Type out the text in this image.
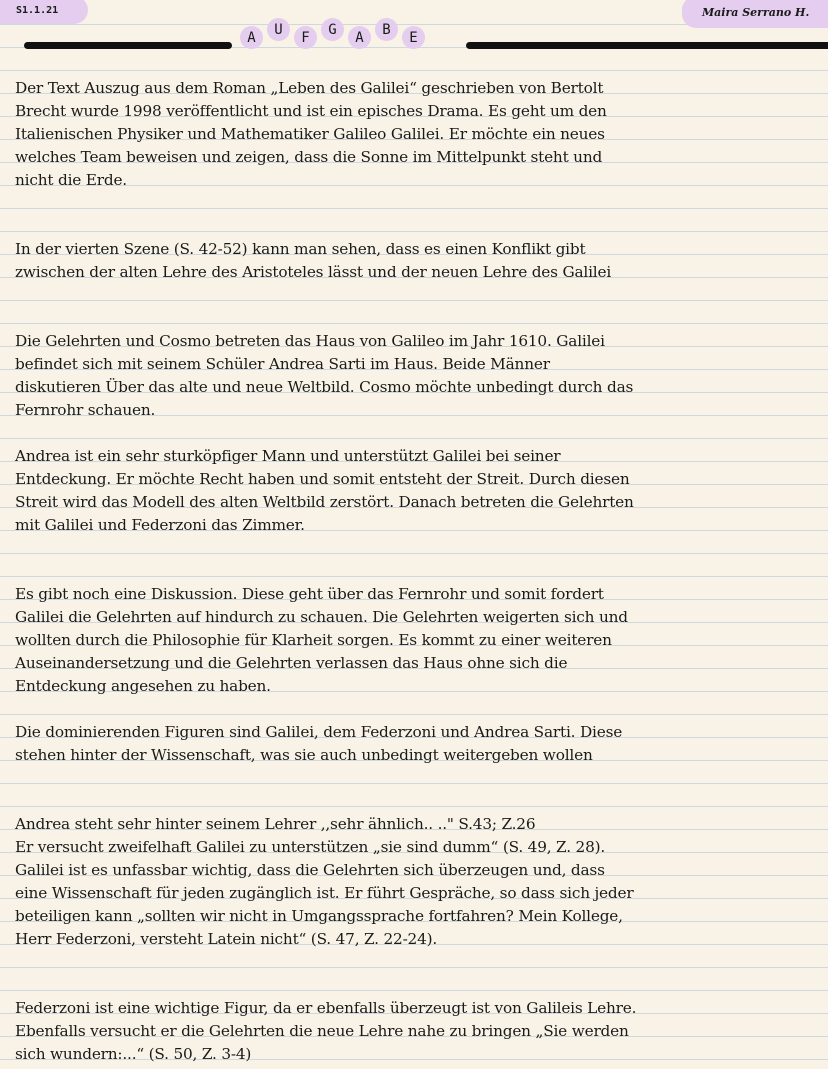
S1.1.21	Maira Serrano H.
A	U	F	G	A	B	E

Der Text Auszug aus dem Roman „Leben des Galilei“ geschrieben von Bertolt
Brecht wurde 1998 veröffentlicht und ist ein episches Drama. Es geht um den
Italienischen Physiker und Mathematiker Galileo Galilei. Er möchte ein neues
welches Team beweisen und zeigen, dass die Sonne im Mittelpunkt steht und
nicht die Erde.

In der vierten Szene (S. 42-52) kann man sehen, dass es einen Konflikt gibt
zwischen der alten Lehre des Aristoteles lässt und der neuen Lehre des Galilei

Die Gelehrten und Cosmo betreten das Haus von Galileo im Jahr 1610. Galilei
befindet sich mit seinem Schüler Andrea Sarti im Haus. Beide Männer
diskutieren Über das alte und neue Weltbild. Cosmo möchte unbedingt durch das
Fernrohr schauen.

Andrea ist ein sehr sturköpfiger Mann und unterstützt Galilei bei seiner
Entdeckung. Er möchte Recht haben und somit entsteht der Streit. Durch diesen
Streit wird das Modell des alten Weltbild zerstört. Danach betreten die Gelehrten
mit Galilei und Federzoni das Zimmer.

Es gibt noch eine Diskussion. Diese geht über das Fernrohr und somit fordert
Galilei die Gelehrten auf hindurch zu schauen. Die Gelehrten weigerten sich und
wollten durch die Philosophie für Klarheit sorgen. Es kommt zu einer weiteren
Auseinandersetzung und die Gelehrten verlassen das Haus ohne sich die
Entdeckung angesehen zu haben.

Die dominierenden Figuren sind Galilei, dem Federzoni und Andrea Sarti. Diese
stehen hinter der Wissenschaft, was sie auch unbedingt weitergeben wollen

Andrea steht sehr hinter seinem Lehrer ,,sehr ähnlich.. .." S.43; Z.26
Er versucht zweifelhaft Galilei zu unterstützen „sie sind dumm“ (S. 49, Z. 28).
Galilei ist es unfassbar wichtig, dass die Gelehrten sich überzeugen und, dass
eine Wissenschaft für jeden zugänglich ist. Er führt Gespräche, so dass sich jeder
beteiligen kann „sollten wir nicht in Umgangssprache fortfahren? Mein Kollege,
Herr Federzoni, versteht Latein nicht“ (S. 47, Z. 22-24).

Federzoni ist eine wichtige Figur, da er ebenfalls überzeugt ist von Galileis Lehre.
Ebenfalls versucht er die Gelehrten die neue Lehre nahe zu bringen „Sie werden
sich wundern:...“ (S. 50, Z. 3-4)
